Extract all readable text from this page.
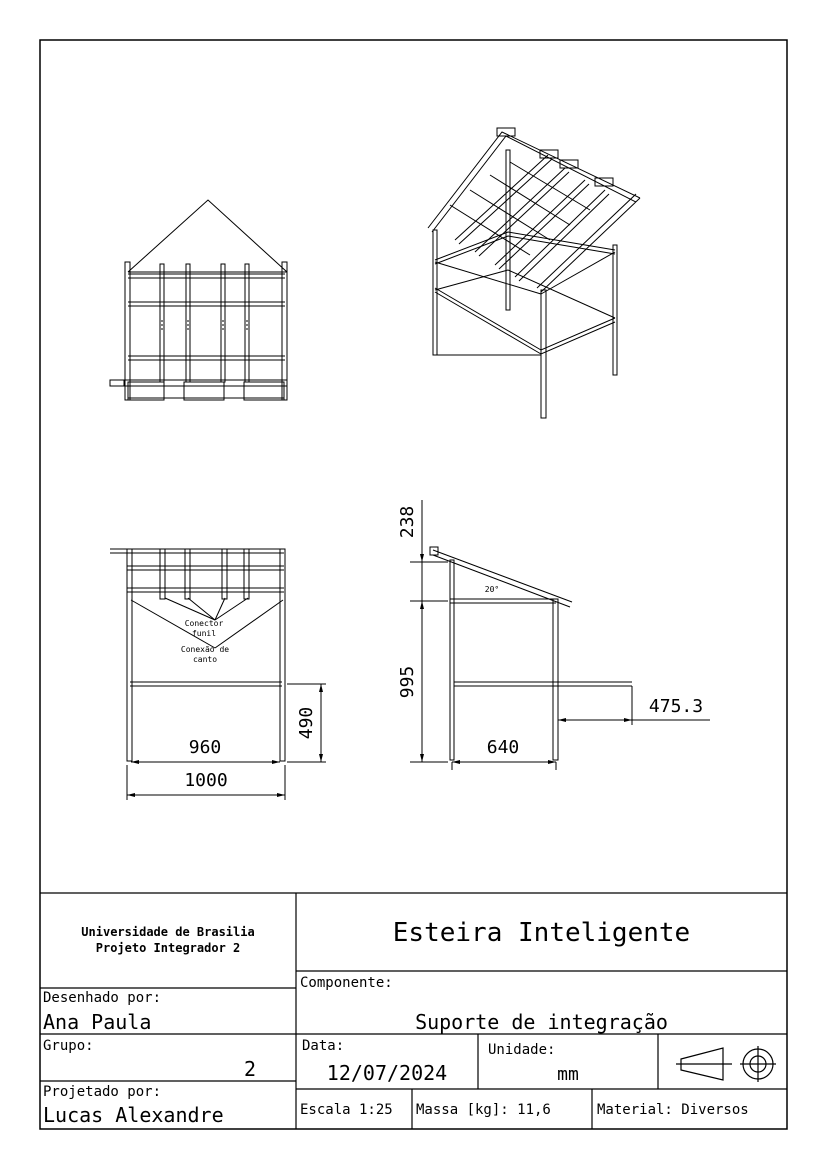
960
1000
490
238
995
640
475.3
20°
Conector
funil
Conexão de
canto
Universidade de Brasilia
Projeto Integrador 2	Esteira Inteligente
Desenhado por:
Ana Paula
Componente:
Suporte de integração
Grupo:
2
Projetado por:
Lucas Alexandre
Data:
12/07/2024
Unidade:
mm
Escala 1:25 Massa [kg]: 11,6	Material: Diversos
